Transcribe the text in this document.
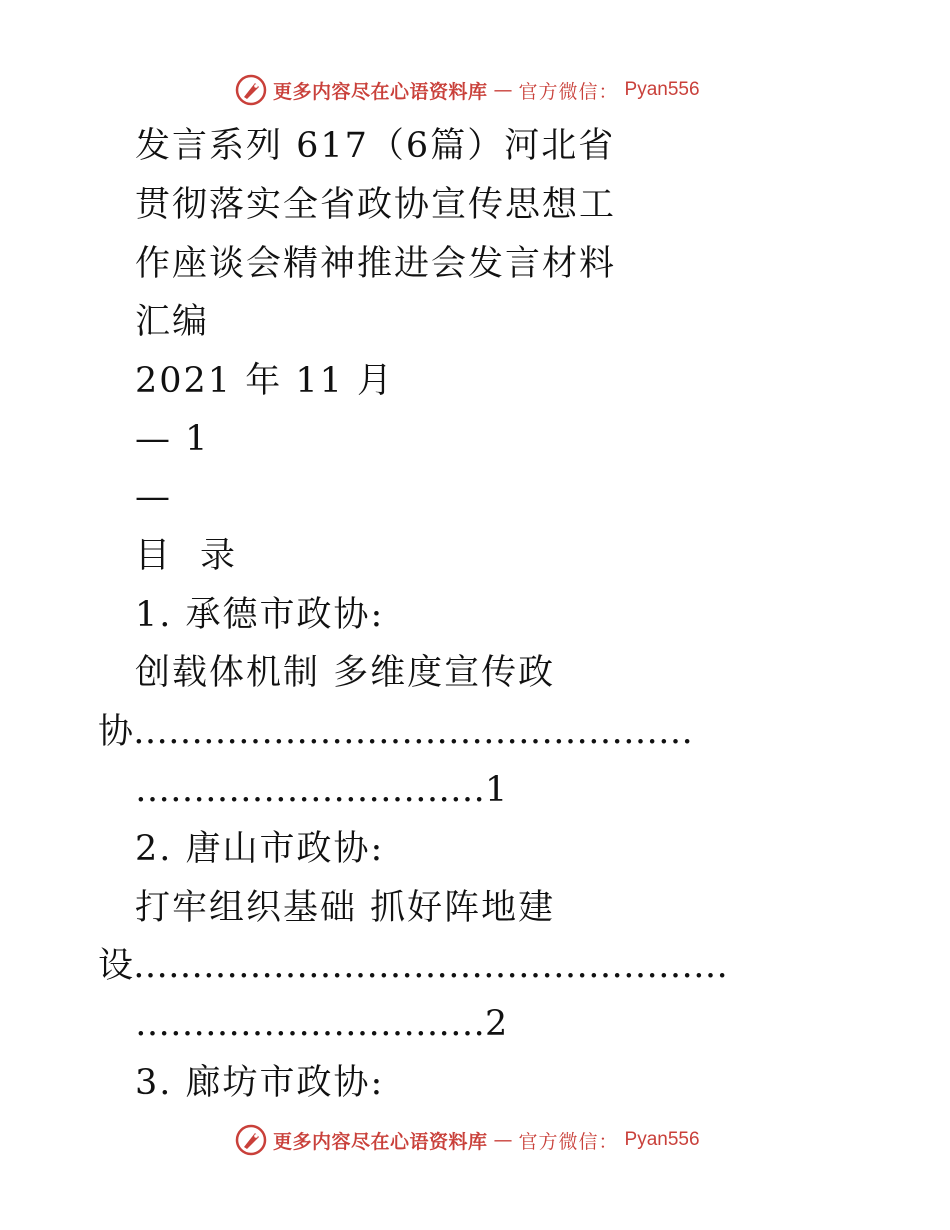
更多内容尽在心语资料库 — 官方微信： Pyan556
发言系列 617（6篇）河北省
贯彻落实全省政协宣传思想工
作座谈会精神推进会发言材料
汇编
2021 年 11 月
— 1
—
目录
1. 承德市政协:
创载体机制 多维度宣传政
协…………………………………………
…………………………1
2. 唐山市政协:
打牢组织基础 抓好阵地建
设……………………………………………
…………………………2
3. 廊坊市政协:
更多内容尽在心语资料库 — 官方微信： Pyan556
